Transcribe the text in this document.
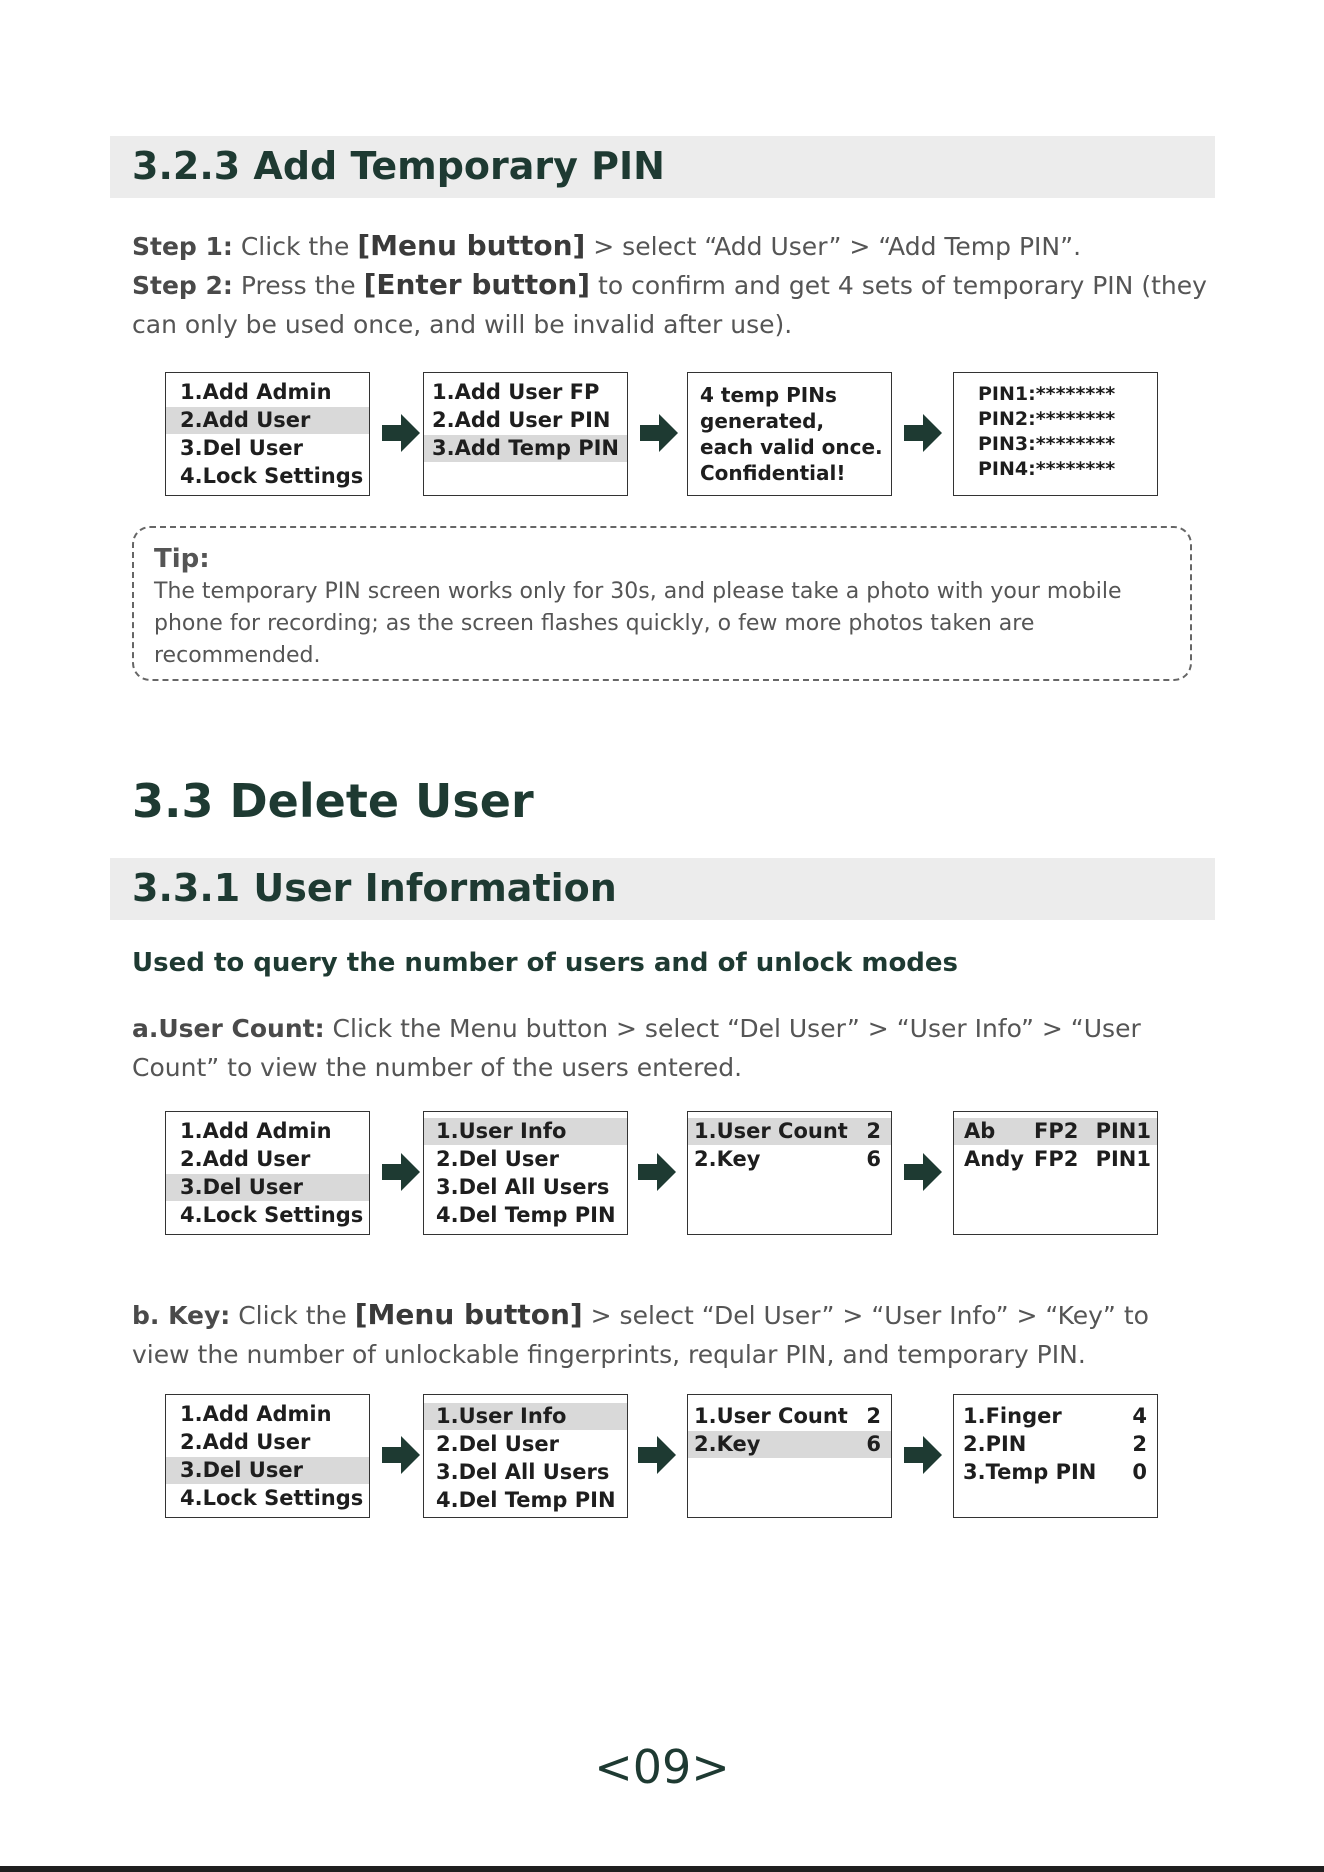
3.2.3 Add Temporary PIN

Step 1: Click the [Menu button] > select “Add User” > “Add Temp PIN”.

Step 2: Press the [Enter button] to confirm and get 4 sets of temporary PIN (they can only be used once, and will be invalid after use).

1.Add Admin
2.Add User
3.Del User
4.Lock Settings
1.Add User FP
2.Add User PIN
3.Add Temp PIN
4 temp PINs
generated,
each valid once.
Confidential!
PIN1:********
PIN2:********
PIN3:********
PIN4:********
Tip:

The temporary PIN screen works only for 30s, and please take a photo with your mobile phone for recording; as the screen flashes quickly, o few more photos taken are recommended.

3.3 Delete User
3.3.1 User Information
Used to query the number of users and of unlock modes

a.User Count: Click the Menu button > select “Del User” > “User Info” > “User Count” to view the number of the users entered.

1.Add Admin
2.Add User
3.Del User
4.Lock Settings
1.User Info
2.Del User
3.Del All Users
4.Del Temp PIN
1.User Count 2
2.Key	6
Ab FP2 PIN1
Andy FP2 PIN1

b. Key: Click the [Menu button] > select “Del User” > “User Info” > “Key” to view the number of unlockable fingerprints, reqular PIN, and temporary PIN.

1.Add Admin
2.Add User
3.Del User
4.Lock Settings
1.User Info
2.Del User
3.Del All Users
4.Del Temp PIN
1.User Count 2
2.Key	6
1.Finger	4
2.PIN	2
3.Temp PIN 0
<09>
